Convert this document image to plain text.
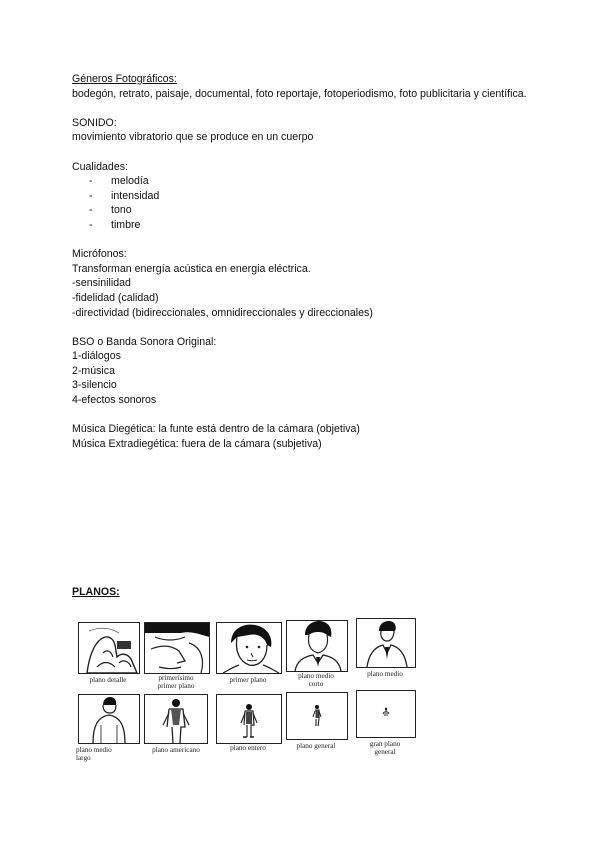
Géneros Fotográficos:
bodegón, retrato, paisaje, documental, foto reportaje, fotoperiodismo, foto publicitaria y científica.
SONIDO:
movimiento vibratorio que se produce en un cuerpo
Cualidades:
-	melodía
-	intensidad
-	tono
-	timbre
Micrófonos:
Transforman energía acústica en energia eléctrica.
-sensinilidad
-fidelidad (calidad)
-directividad (bidireccionales, omnidireccionales y direccionales)
BSO o Banda Sonora Original:
1-diálogos
2-música
3-silencio
4-efectos sonoros
Música Diegética: la funte está dentro de la cámara (objetiva)
Música Extradiegética: fuera de la cámara (subjetiva)
PLANOS:
plano detalle	primerísimo
primer plano
primer plano	plano medio
corto
plano medio
plano medio
largo
plano americano	plano entero	plano general	gran plano
general
